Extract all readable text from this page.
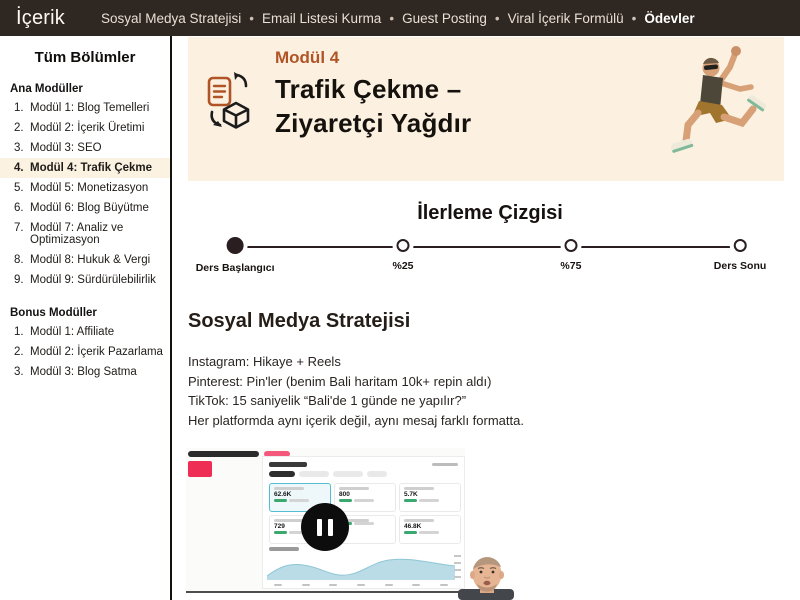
İçerik	Sosyal Medya Stratejisi • Email Listesi Kurma • Guest Posting • Viral İçerik Formülü • Ödevler
Tüm Bölümler
Ana Modüller
1. Modül 1: Blog Temelleri
2. Modül 2: İçerik Üretimi
3. Modül 3: SEO
4. Modül 4: Trafik Çekme
5. Modül 5: Monetizasyon
6. Modül 6: Blog Büyütme
7. Modül 7: Analiz ve Optimizasyon
8. Modül 8: Hukuk & Vergi
9. Modül 9: Sürdürülebilirlik
Bonus Modüller
1. Modül 1: Affiliate
2. Modül 2: İçerik Pazarlama
3. Modül 3: Blog Satma
Modül 4
Trafik Çekme –
Ziyaretçi Yağdır
İlerleme Çizgisi
Ders Başlangıcı	%25	%75	Ders Sonu
Sosyal Medya Stratejisi
Instagram: Hikaye + Reels
Pinterest: Pin'ler (benim Bali haritam 10k+ repin aldı)
TikTok: 15 saniyelik “Bali'de 1 günde ne yapılır?”
Her platformda aynı içerik değil, aynı mesaj farklı formatta.
62.6K	800	5.7K
729	46.8K
